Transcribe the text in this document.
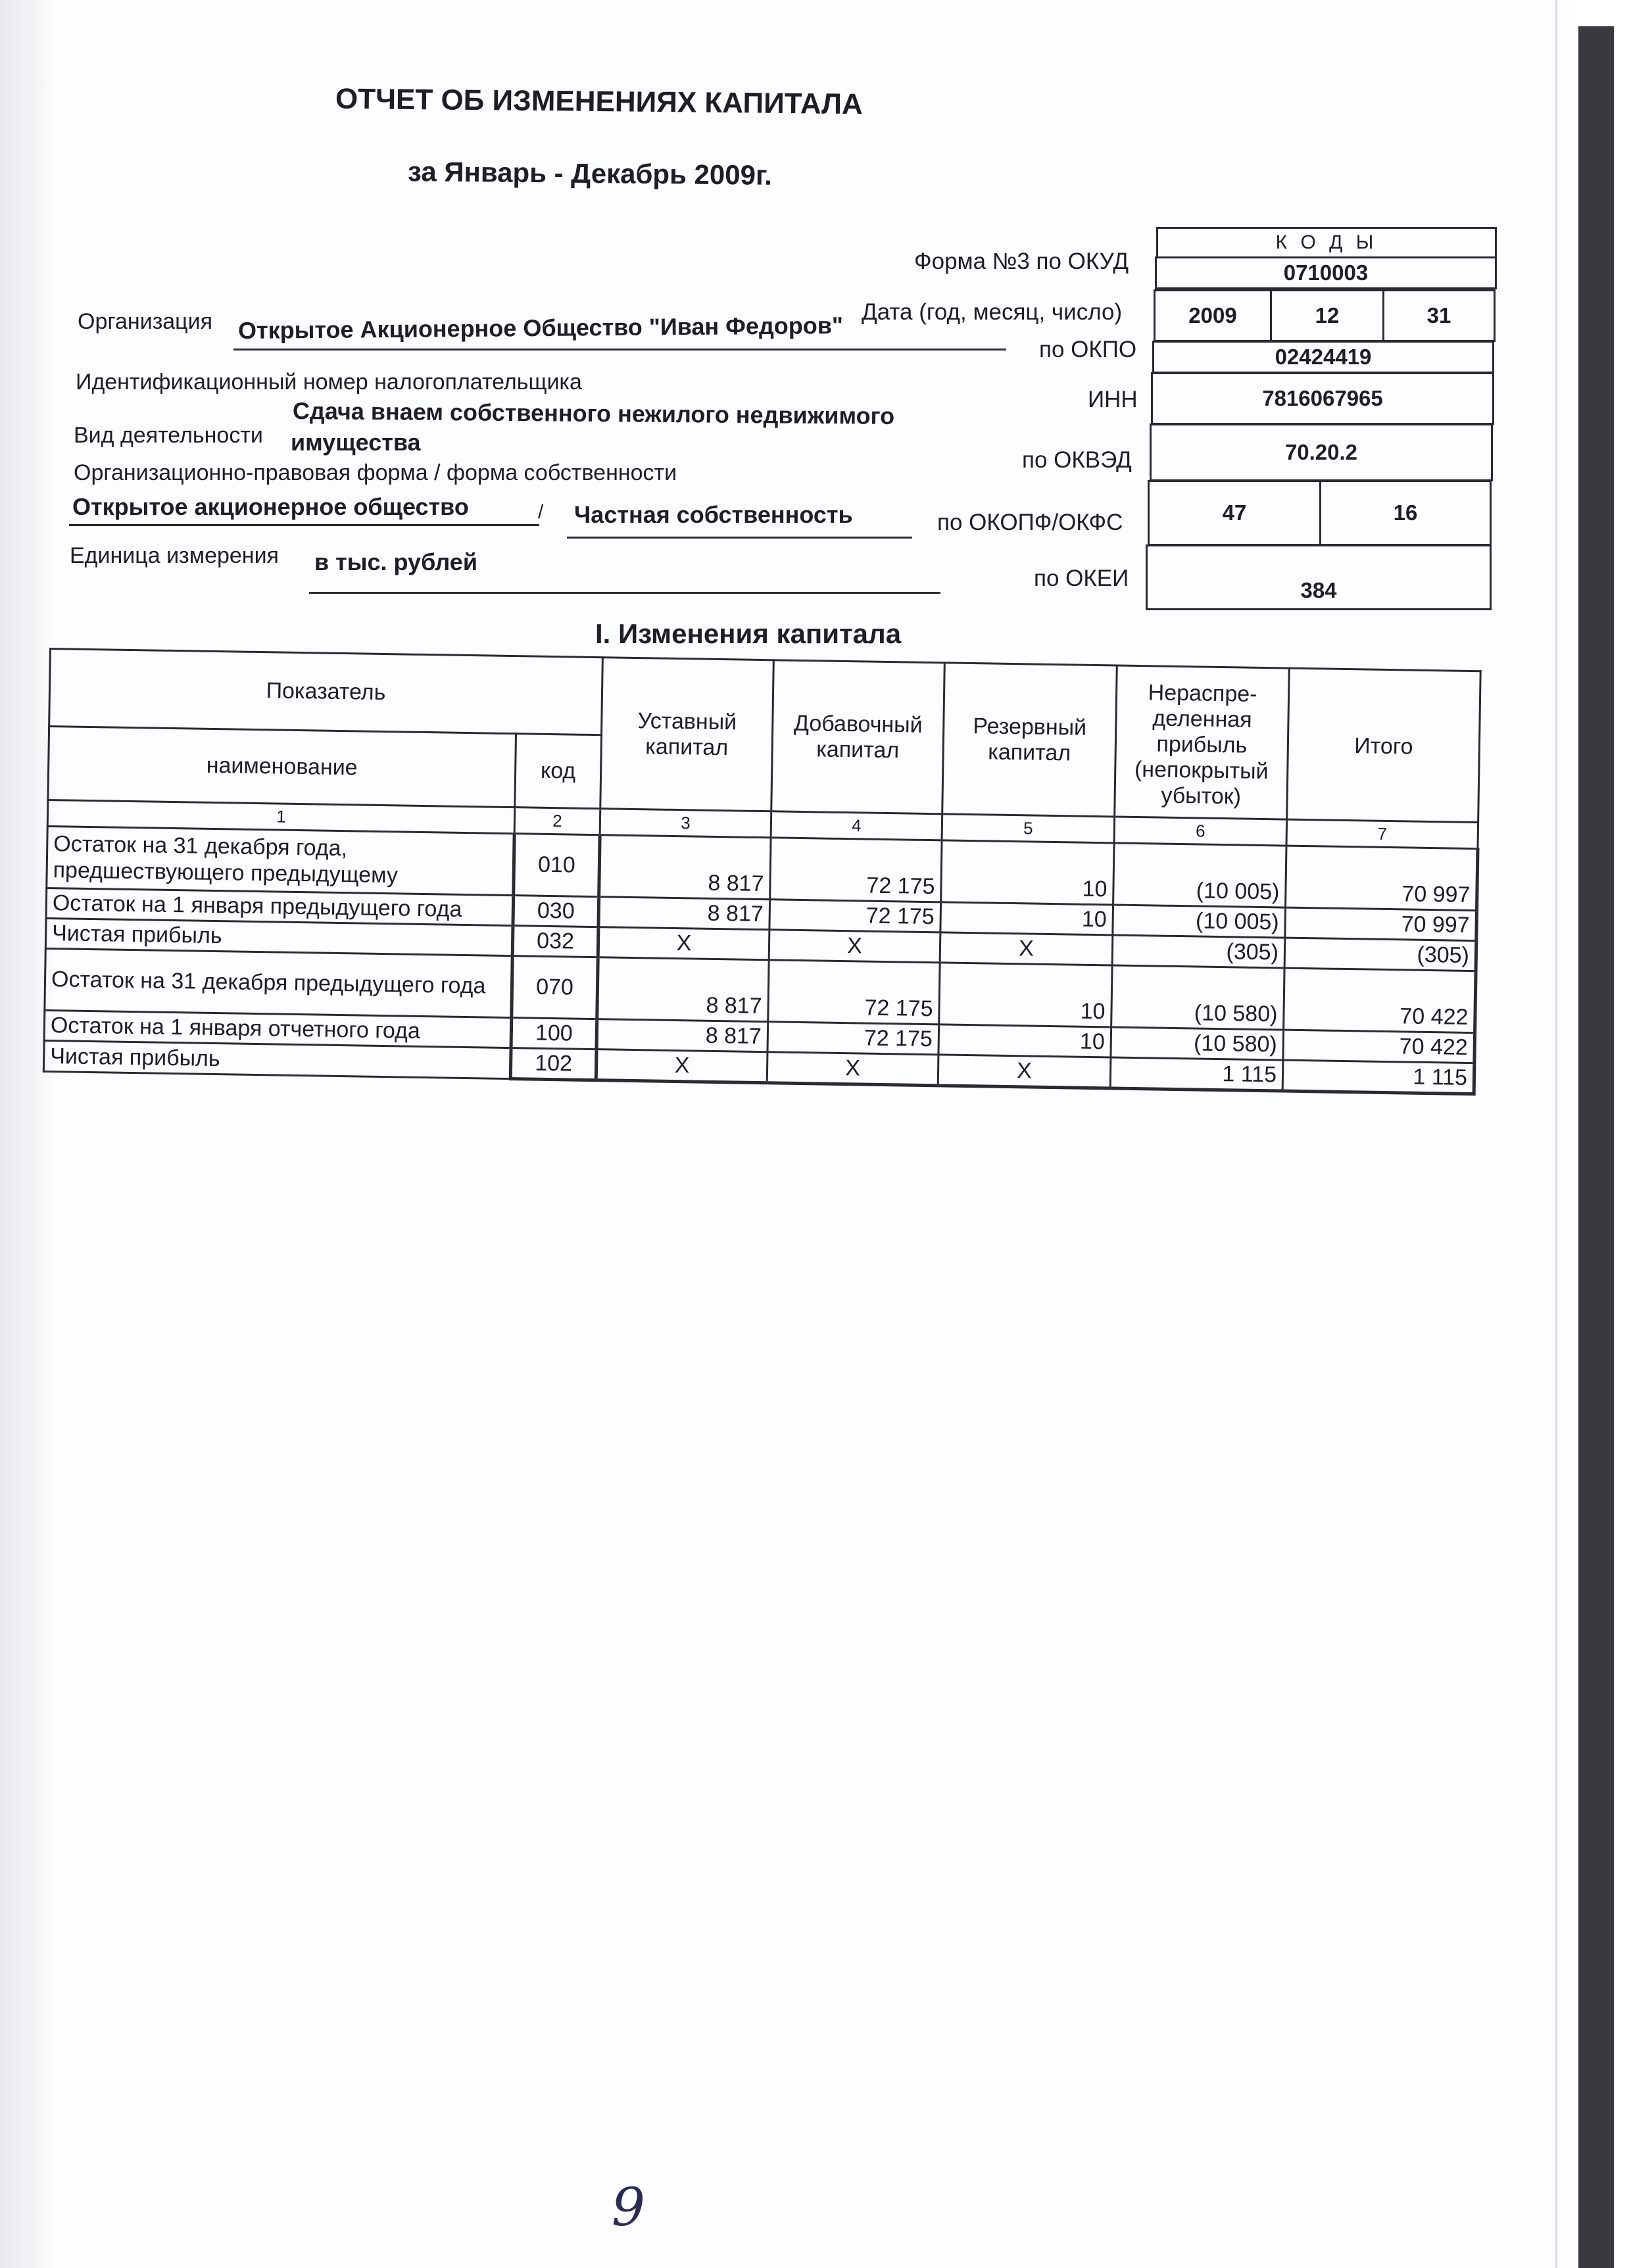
ОТЧЕТ ОБ ИЗМЕНЕНИЯХ КАПИТАЛА
за Январь - Декабрь 2009г.
К О Д Ы
0710003
Форма №3 по ОКУД
2009	12	31
Дата (год, месяц, число)
02424419
по ОКПО
7816067965
ИНН
70.20.2
по ОКВЭД
47	16
по ОКОПФ/ОКФС
384
по ОКЕИ
Организация Открытое Акционерное Общество "Иван Федоров"
Идентификационный номер налогоплательщика
Сдача внаем собственного нежилого недвижимого
Вид деятельности имущества
Организационно-правовая форма / форма собственности
Открытое акционерное общество	/ Частная собственность
Единица измерения в тыс. рублей
I. Изменения капитала
Показатель		Уставный капитал	Добавочный капитал	Резервный капитал	Нераспре-деленная прибыль (непокрытый убыток)	Итого
наименование	код					
1	2	3	4	5	6	7
Остаток на 31 декабря года, предшествующего предыдущему	010	8 817	72 175	10	(10 005)	70 997
Остаток на 1 января предыдущего года	030	8 817	72 175	10	(10 005)	70 997
Чистая прибыль	032	X	X	X	(305)	(305)
Остаток на 31 декабря предыдущего года	070	8 817	72 175	10	(10 580)	70 422
Остаток на 1 января отчетного года	100	8 817	72 175	10	(10 580)	70 422
Чистая прибыль	102	X	X	X	1 115	1 115
9
